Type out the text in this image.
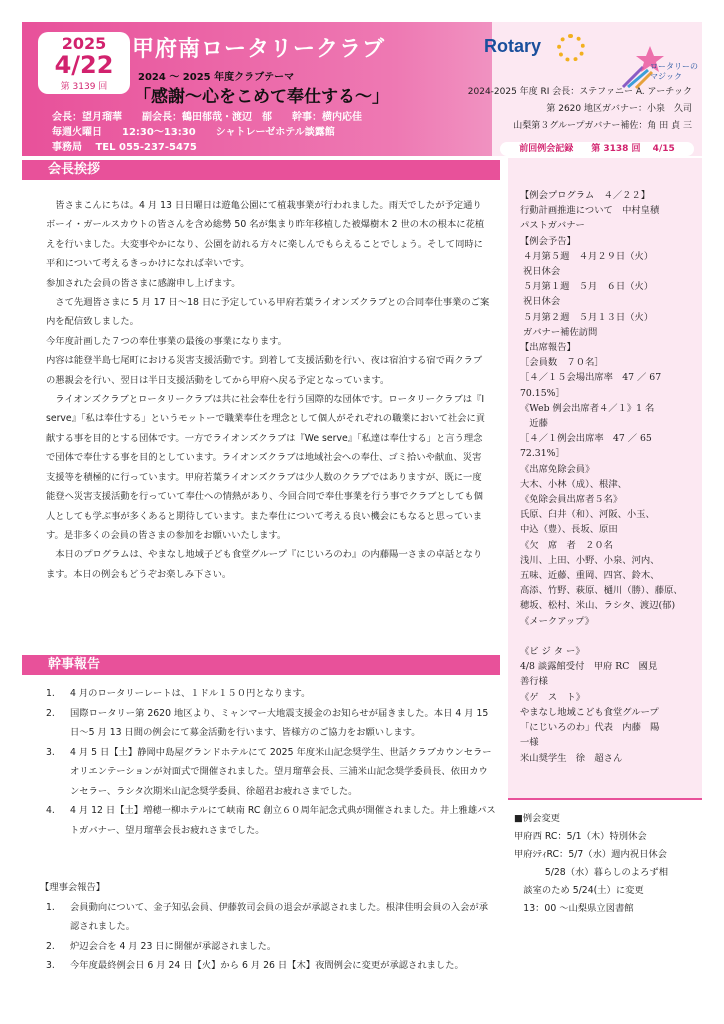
2025
4/22
第 3139 回
甲府南ロータリークラブ
2024 ～ 2025 年度クラブテーマ
「感謝～心をこめて奉仕する～」
会長：望月瑠華　　副会長：鶴田郁哉・渡辺　郁　　幹事：横内応佳
毎週火曜日　　12:30～13:30　　シャトレーゼホテル談露館
事務局　 TEL 055-237-5475
Rotary
ロータリーの
マジック
2024-2025 年度 RI 会長：ステファニー A. アーチック
第 2620 地区ガバナー：小泉　久司
山梨第３グループガバナー補佐：角 田 貞 三
前回例会記録　　第 3138 回　 4/15
会長挨拶

皆さまこんにちは。4 月 13 日日曜日は遊亀公園にて植栽事業が行われました。雨天でしたが予定通りボーイ・ガールスカウトの皆さんを含め総勢 50 名が集まり昨年移植した被爆樹木 2 世の木の根本に花植えを行いました。大変事やかになり、公園を訪れる方々に楽しんでもらえることでしょう。そして同時に平和について考えるきっかけになれば幸いです。

参加された会員の皆さまに感謝申し上げます。

さて先週皆さまに 5 月 17 日～18 日に予定している甲府若葉ライオンズクラブとの合同奉仕事業のご案内を配信致しました。

今年度計画した７つの奉仕事業の最後の事業になります。

内容は能登半島七尾町における災害支援活動です。到着して支援活動を行い、夜は宿泊する宿で両クラブの懇親会を行い、翌日は半日支援活動をしてから甲府へ戻る予定となっています。

ライオンズクラブとロータリークラブは共に社会奉仕を行う国際的な団体です。ロータリークラブは『I serve』「私は奉仕する」というモットーで職業奉仕を理念として個人がそれぞれの職業において社会に貢献する事を目的とする団体です。一方でライオンズクラブは『We serve』「私達は奉仕する」と言う理念で団体で奉仕する事を目的としています。ライオンズクラブは地域社会への奉仕、ゴミ拾いや献血、災害支援等を積極的に行っています。甲府若葉ライオンズクラブは少人数のクラブではありますが、既に一度能登へ災害支援活動を行っていて奉仕への情熱があり、今回合同で奉仕事業を行う事でクラブとしても個人としても学ぶ事が多くあると期待しています。また奉仕について考える良い機会にもなると思っています。是非多くの会員の皆さまの参加をお願いいたします。

本日のプログラムは、やまなし地域子ども食堂グループ『にじいろのわ』の内藤陽一さまの卓話となります。本日の例会もどうぞお楽しみ下さい。

幹事報告
1. 4 月のロータリーレートは、１ドル１５０円となります。
2. 国際ロータリー第 2620 地区より、ミャンマー大地震支援金のお知らせが届きました。本日 4 月 15 日～5 月 13 日間の例会にて募金活動を行います、皆様方のご協力をお願いします。
3. 4 月 5 日【土】静岡中島屋グランドホテルにて 2025 年度米山記念奨学生、世話クラブカウンセラーオリエンテーションが対面式で開催されました。望月瑠華会長、三浦米山記念奨学委員長、依田カウンセラー、ラシタ次期米山記念奨学委員、徐超君お疲れさまでした。
4. 4 月 12 日【土】増穂一柳ホテルにて峡南 RC 創立６０周年記念式典が開催されました。井上雅雄パストガバナー、望月瑠華会長お疲れさまでした。
【理事会報告】
1. 会員動向について、金子知弘会員、伊藤敦司会員の退会が承認されました。根津佳明会員の入会が承認されました。
2. 炉辺会合を 4 月 23 日に開催が承認されました。
3. 今年度最終例会日 6 月 24 日【火】から 6 月 26 日【木】夜間例会に変更が承認されました。
【例会プログラム　４／２２】
行動計画推進について　中村皇積
パストガバナー
【例会予告】
４月第５週　４月２９日（火）
祝日休会
５月第１週　５月　６日（火）
祝日休会
５月第２週　５月１３日（火）
ガバナー補佐訪問
【出席報告】
［会員数　７０名］
［４／１５会場出席率　47 ／ 67
70.15%］
《Web 例会出席者４／１》1 名
　近藤
［４／１例会出席率　47 ／ 65
72.31%］
《出席免除会員》
大木、小林（成）、根津、
《免除会員出席者５名》
氏原、臼井（和）、河阪、小玉、
中込（豊）、長坂、原田
《欠　席　者　２０名
浅川、上田、小野、小泉、河内、
五味、近藤、重岡、四宮、鈴木、
高添、竹野、萩原、樋川（勝）、藤原、
穂坂、松村、米山、ラシタ、渡辺(郁)
《メークアップ》
《ビ ジ タ ー》
4/8 談露館受付　甲府 RC　國見
善行様
《ゲ　ス　ト》
やまなし地域こども食堂グループ
「にじいろのわ」代表　内藤　陽
一様
米山奨学生　徐　超さん
■例会変更
甲府西 RC：5/1（木）特別休会
甲府ｼﾃｨRC：5/7（水）週内祝日休会
　　　 5/28（水）暮らしのよろず相
　談室のため 5/24(土）に変更
　13：00 ～山梨県立図書館
